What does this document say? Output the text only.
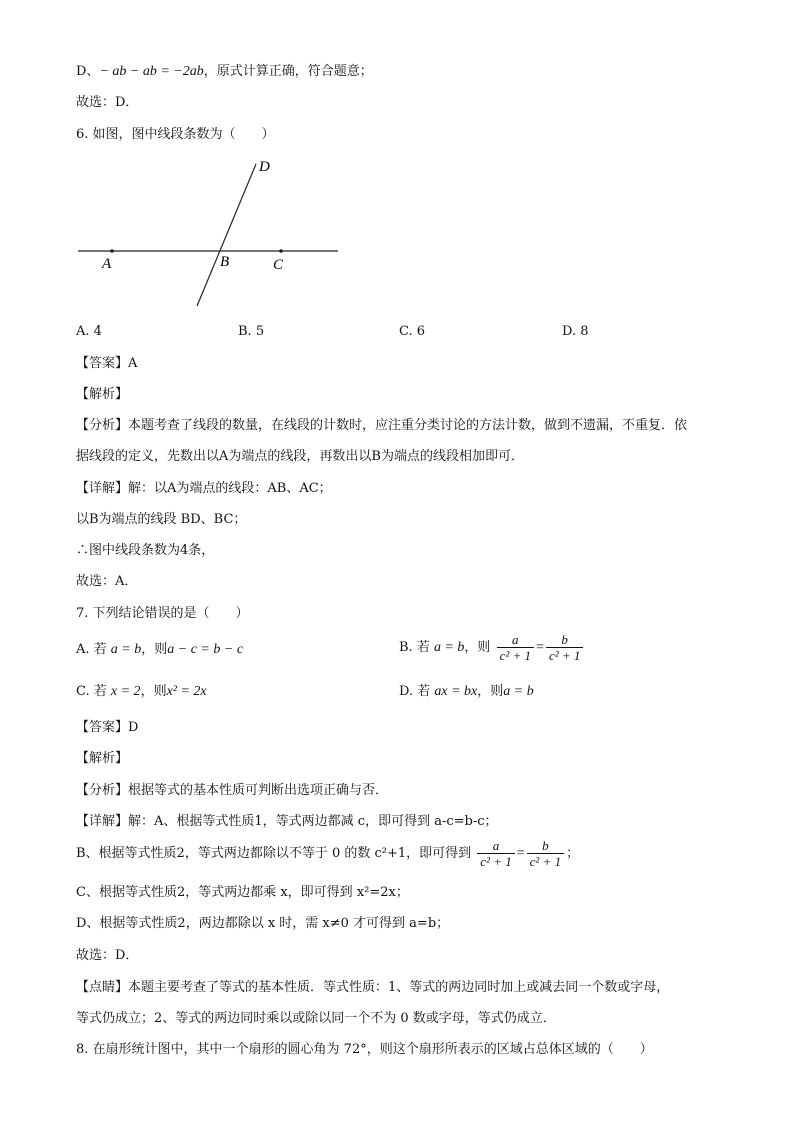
D、− ab − ab = −2ab，原式计算正确，符合题意；
故选：D．
6. 如图，图中线段条数为（　　）
D
A	B	C
A. 4	B. 5	C. 6	D. 8
【答案】A
【解析】
【分析】本题考查了线段的数量，在线段的计数时，应注重分类讨论的方法计数，做到不遗漏，不重复．依
据线段的定义，先数出以A为端点的线段，再数出以B为端点的线段相加即可．
【详解】解：以A为端点的线段：AB、AC；
以B为端点的线段 BD、BC；
∴图中线段条数为4条，
故选：A．
7. 下列结论错误的是（　　）
A. 若 a = b，则a − c = b − c	B. 若 a = b，则 $\frac{a}{\text{c² + 1}} = \frac{b}{\text{c² + 1}}$
C. 若 x = 2，则x² = 2x	D. 若 ax = bx，则a = b
【答案】D
【解析】
【分析】根据等式的基本性质可判断出选项正确与否．
【详解】解：A、根据等式性质1，等式两边都减 c，即可得到 a-c=b-c；
B、根据等式性质2，等式两边都除以不等于 0 的数 c²+1，即可得到 $\frac{a}{\text{c² + 1}} = \frac{b}{\text{c² + 1}}$ ；
C、根据等式性质2，等式两边都乘 x，即可得到 x²=2x；
D、根据等式性质2，两边都除以 x 时，需 x≠0 才可得到 a=b；
故选：D．
【点睛】本题主要考查了等式的基本性质．等式性质：1、等式的两边同时加上或减去同一个数或字母，
等式仍成立；2、等式的两边同时乘以或除以同一个不为 0 数或字母，等式仍成立．
8. 在扇形统计图中，其中一个扇形的圆心角为 72°，则这个扇形所表示的区域占总体区域的（　　）
